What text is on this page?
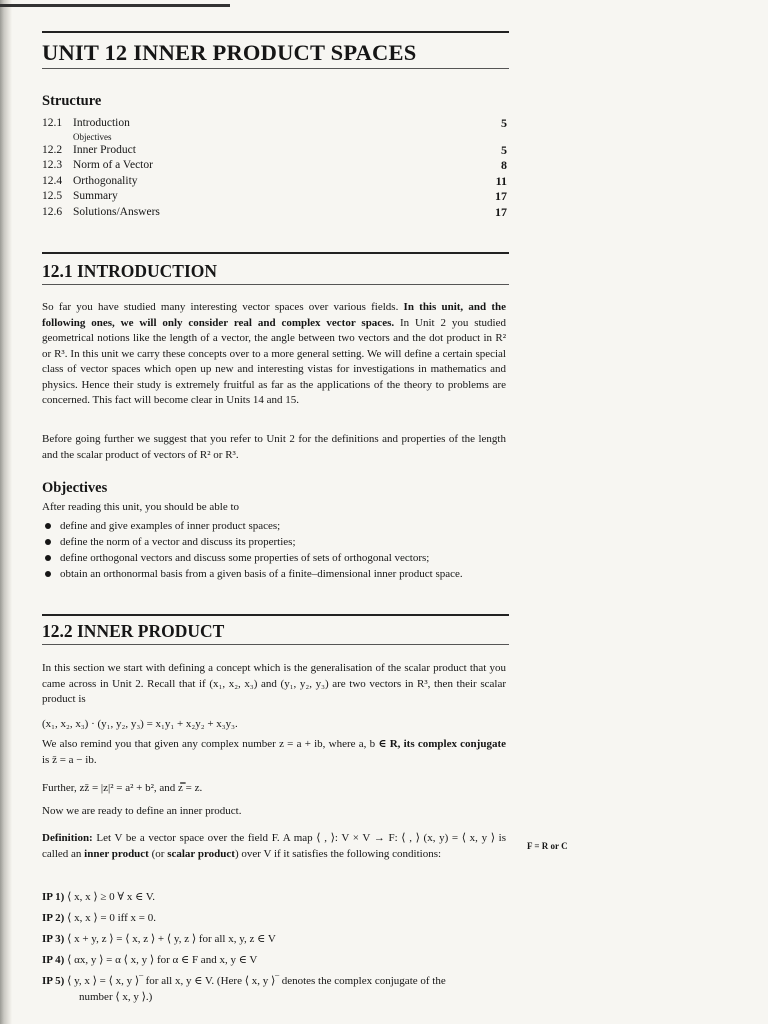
UNIT 12 INNER PRODUCT SPACES
Structure
12.1 Introduction	5
Objectives
12.2 Inner Product	5
12.3 Norm of a Vector	8
12.4 Orthogonality	11
12.5 Summary	17
12.6 Solutions/Answers	17
12.1 INTRODUCTION
So far you have studied many interesting vector spaces over various fields. In this unit, and the following ones, we will only consider real and complex vector spaces. In Unit 2 you studied geometrical notions like the length of a vector, the angle between two vectors and the dot product in R² or R³. In this unit we carry these concepts over to a more general setting. We will define a certain special class of vector spaces which open up new and interesting vistas for investigations in mathematics and physics. Hence their study is extremely fruitful as far as the applications of the theory to problems are concerned. This fact will become clear in Units 14 and 15.
Before going further we suggest that you refer to Unit 2 for the definitions and properties of the length and the scalar product of vectors of R² or R³.
Objectives
After reading this unit, you should be able to
define and give examples of inner product spaces;
define the norm of a vector and discuss its properties;
define orthogonal vectors and discuss some properties of sets of orthogonal vectors;
obtain an orthonormal basis from a given basis of a finite–dimensional inner product space.
12.2 INNER PRODUCT
In this section we start with defining a concept which is the generalisation of the scalar product that you came across in Unit 2. Recall that if (x₁, x₂, x₃) and (y₁, y₂, y₃) are two vectors in R³, then their scalar product is
(x₁, x₂, x₃) · (y₁, y₂, y₃) = x₁y₁ + x₂y₂ + x₃y₃.
We also remind you that given any complex number z = a + ib, where a, b ∈ R, its complex conjugate is z̄ = a − ib.
Further, zz̄ = |z|² = a² + b², and z̿ = z.
Now we are ready to define an inner product.
Definition: Let V be a vector space over the field F. A map ⟨ , ⟩: V × V → F: ⟨ , ⟩ (x, y) = ⟨ x, y ⟩ is called an inner product (or scalar product) over V if it satisfies the following conditions:
F = R or C
IP 1) ⟨ x, x ⟩ ≥ 0 ∀ x ∈ V.
IP 2) ⟨ x, x ⟩ = 0 iff x = 0.
IP 3) ⟨ x + y, z ⟩ = ⟨ x, z ⟩ + ⟨ y, z ⟩ for all x, y, z ∈ V
IP 4) ⟨ αx, y ⟩ = α ⟨ x, y ⟩ for α ∈ F and x, y ∈ V
IP 5) ⟨ y, x ⟩ = ⟨ x, y ⟩‾ for all x, y ∈ V. (Here ⟨ x, y ⟩‾ denotes the complex conjugate of the
number ⟨ x, y ⟩.)
